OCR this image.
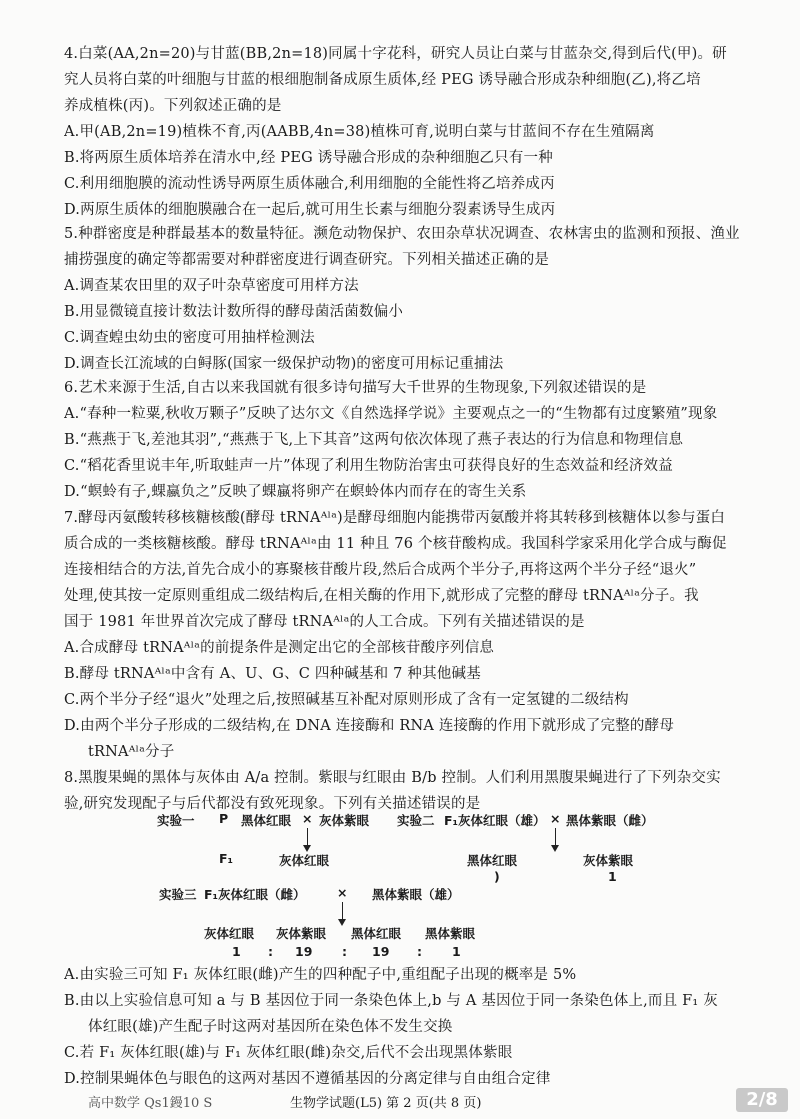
4.白菜(AA,2n=20)与甘蓝(BB,2n=18)同属十字花科，研究人员让白菜与甘蓝杂交,得到后代(甲)。研
究人员将白菜的叶细胞与甘蓝的根细胞制备成原生质体,经 PEG 诱导融合形成杂种细胞(乙),将乙培
养成植株(丙)。下列叙述正确的是
A.甲(AB,2n=19)植株不育,丙(AABB,4n=38)植株可育,说明白菜与甘蓝间不存在生殖隔离
B.将两原生质体培养在清水中,经 PEG 诱导融合形成的杂种细胞乙只有一种
C.利用细胞膜的流动性诱导两原生质体融合,利用细胞的全能性将乙培养成丙
D.两原生质体的细胞膜融合在一起后,就可用生长素与细胞分裂素诱导生成丙
5.种群密度是种群最基本的数量特征。濒危动物保护、农田杂草状况调查、农林害虫的监测和预报、渔业
捕捞强度的确定等都需要对种群密度进行调查研究。下列相关描述正确的是
A.调查某农田里的双子叶杂草密度可用样方法
B.用显微镜直接计数法计数所得的酵母菌活菌数偏小
C.调查蝗虫幼虫的密度可用抽样检测法
D.调查长江流域的白鲟豚(国家一级保护动物)的密度可用标记重捕法
6.艺术来源于生活,自古以来我国就有很多诗句描写大千世界的生物现象,下列叙述错误的是
A.“春种一粒粟,秋收万颗子”反映了达尔文《自然选择学说》主要观点之一的“生物都有过度繁殖”现象
B.“燕燕于飞,差池其羽”,“燕燕于飞,上下其音”这两句依次体现了燕子表达的行为信息和物理信息
C.“稻花香里说丰年,听取蛙声一片”体现了利用生物防治害虫可获得良好的生态效益和经济效益
D.“螟蛉有子,蜾蠃负之”反映了蜾蠃将卵产在螟蛉体内而存在的寄生关系
7.酵母丙氨酸转移核糖核酸(酵母 tRNAᴬˡᵃ)是酵母细胞内能携带丙氨酸并将其转移到核糖体以参与蛋白
质合成的一类核糖核酸。酵母 tRNAᴬˡᵃ由 11 种且 76 个核苷酸构成。我国科学家采用化学合成与酶促
连接相结合的方法,首先合成小的寡聚核苷酸片段,然后合成两个半分子,再将这两个半分子经“退火”
处理,使其按一定原则重组成二级结构后,在相关酶的作用下,就形成了完整的酵母 tRNAᴬˡᵃ分子。我
国于 1981 年世界首次完成了酵母 tRNAᴬˡᵃ的人工合成。下列有关描述错误的是
A.合成酵母 tRNAᴬˡᵃ的前提条件是测定出它的全部核苷酸序列信息
B.酵母 tRNAᴬˡᵃ中含有 A、U、G、C 四种碱基和 7 种其他碱基
C.两个半分子经“退火”处理之后,按照碱基互补配对原则形成了含有一定氢键的二级结构
D.由两个半分子形成的二级结构,在 DNA 连接酶和 RNA 连接酶的作用下就形成了完整的酵母
tRNAᴬˡᵃ分子
8.黑腹果蝇的黑体与灰体由 A/a 控制。紫眼与红眼由 B/b 控制。人们利用黑腹果蝇进行了下列杂交实
验,研究发现配子与后代都没有致死现象。下列有关描述错误的是
A.由实验三可知 F₁ 灰体红眼(雌)产生的四种配子中,重组配子出现的概率是 5%
B.由以上实验信息可知 a 与 B 基因位于同一条染色体上,b 与 A 基因位于同一条染色体上,而且 F₁ 灰
体红眼(雄)产生配子时这两对基因所在染色体不发生交换
C.若 F₁ 灰体红眼(雄)与 F₁ 灰体红眼(雌)杂交,后代不会出现黑体紫眼
D.控制果蝇体色与眼色的这两对基因不遵循基因的分离定律与自由组合定律
实验一 P 黑体红眼 × 灰体紫眼
F₁	灰体红眼
实验二 F₁灰体红眼（雄） × 黑体紫眼（雌）
黑体红眼	灰体紫眼
)	1
实验三 F₁灰体红眼（雌）	× 黑体紫眼（雄）
灰体红眼 灰体紫眼 黑体红眼 黑体紫眼
1 : 19 : 19 : 1
高中数学 Qs1鏝10 S	生物学试题(L5) 第 2 页(共 8 页)	2/8
